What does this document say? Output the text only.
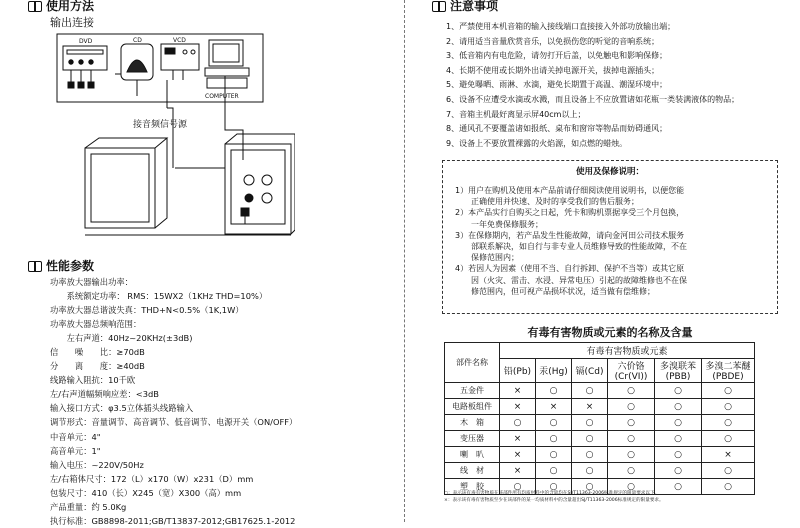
使用方法
输出连接
DVD	CD	VCD
COMPUTER
接音频信号源
性能参数
功率放大器输出功率：
　　系统额定功率： RMS：15WX2（1KHz THD=10%）
功率放大器总谐波失真：THD+N<0.5%（1K,1W）
功率放大器总频响范围：
　　左右声道：40Hz~20KHz(±3dB)
信　　噪　　比：≥70dB
分　　离　　度：≥40dB
线路输入阻抗：10千欧
左/右声道幅频响应差：<3dB
输入接口方式：φ3.5立体插头线路输入
调节形式：音量调节、高音调节、低音调节、电源开关（ON/OFF）
中音单元：4"
高音单元：1"
输入电压：~220V/50Hz
左/右箱体尺寸：172（L）x170（W）x231（D）mm
包装尺寸：410（长）X245（宽）X300（高）mm
产品重量：约 5.0Kg
执行标准：GB8898-2011;GB/T13837-2012;GB17625.1-2012
注意事项
1、严禁使用本机音箱的输入接线端口直接接入外部功放输出端；
2、请用适当音量欣赏音乐，以免损伤您的听觉的音响系统；
3、低音箱内有电危险，请勿打开后盖，以免触电和影响保修；
4、长期不使用或长期外出请关掉电源开关，拔掉电源插头；
5、避免曝晒、雨淋、水滴，避免长期置于高温、潮湿环境中；
6、设备不应遭受水滴或水溅，而且设备上不应放置诸如花瓶一类装满液体的物品；
7、音箱主机最好离显示屏40cm以上；
8、通风孔不要覆盖诸如报纸、桌布和窗帘等物品而妨碍通风；
9、设备上不要放置裸露的火焰源，如点燃的蜡烛。
使用及保修说明：
1）用户在购机及使用本产品前请仔细阅读使用说明书，以便您能
　　正确使用并快速、及时的享受我们的售后服务；
2）本产品实行自购买之日起，凭卡和购机票据享受三个月包换，
　　一年免费保修服务；
3）在保修期内，若产品发生性能故障，请向金河田公司技术服务
　　部联系解决，如自行与非专业人员维修导致的性能故障，不在
　　保修范围内；
4）若因人为因素（使用不当、自行拆卸、保护不当等）或其它原
　　因（火灾、雷击、水浸、异常电压）引起的故障维修也不在保
　　修范围内，但可视产品损坏状况，适当做有偿维修；
有毒有害物质或元素的名称及含量
部件名称	有毒有害物质或元素					
	铅(Pb)	汞(Hg)	镉(Cd)	六价铬(Cr(VI))	多溴联苯(PBB)	多溴二苯醚(PBDE)
五金件	×	○	○	○	○	○
电路板组件	×	×	×	○	○	○
木　箱	○	○	○	○	○	○
变压器	×	○	○	○	○	○
喇　叭	×	○	○	○	○	×
线　材	×	○	○	○	○	○
塑　胶	○	○	○	○	○	○
○：表示该有毒有害物质在该部件所有均质材料中的含量均在SJ/T11363-2006标准规定的限量要求以下。
×：表示该有毒有害物质至少在该部件的某一均质材料中的含量超出SJ/T11363-2006标准规定的限量要求。
